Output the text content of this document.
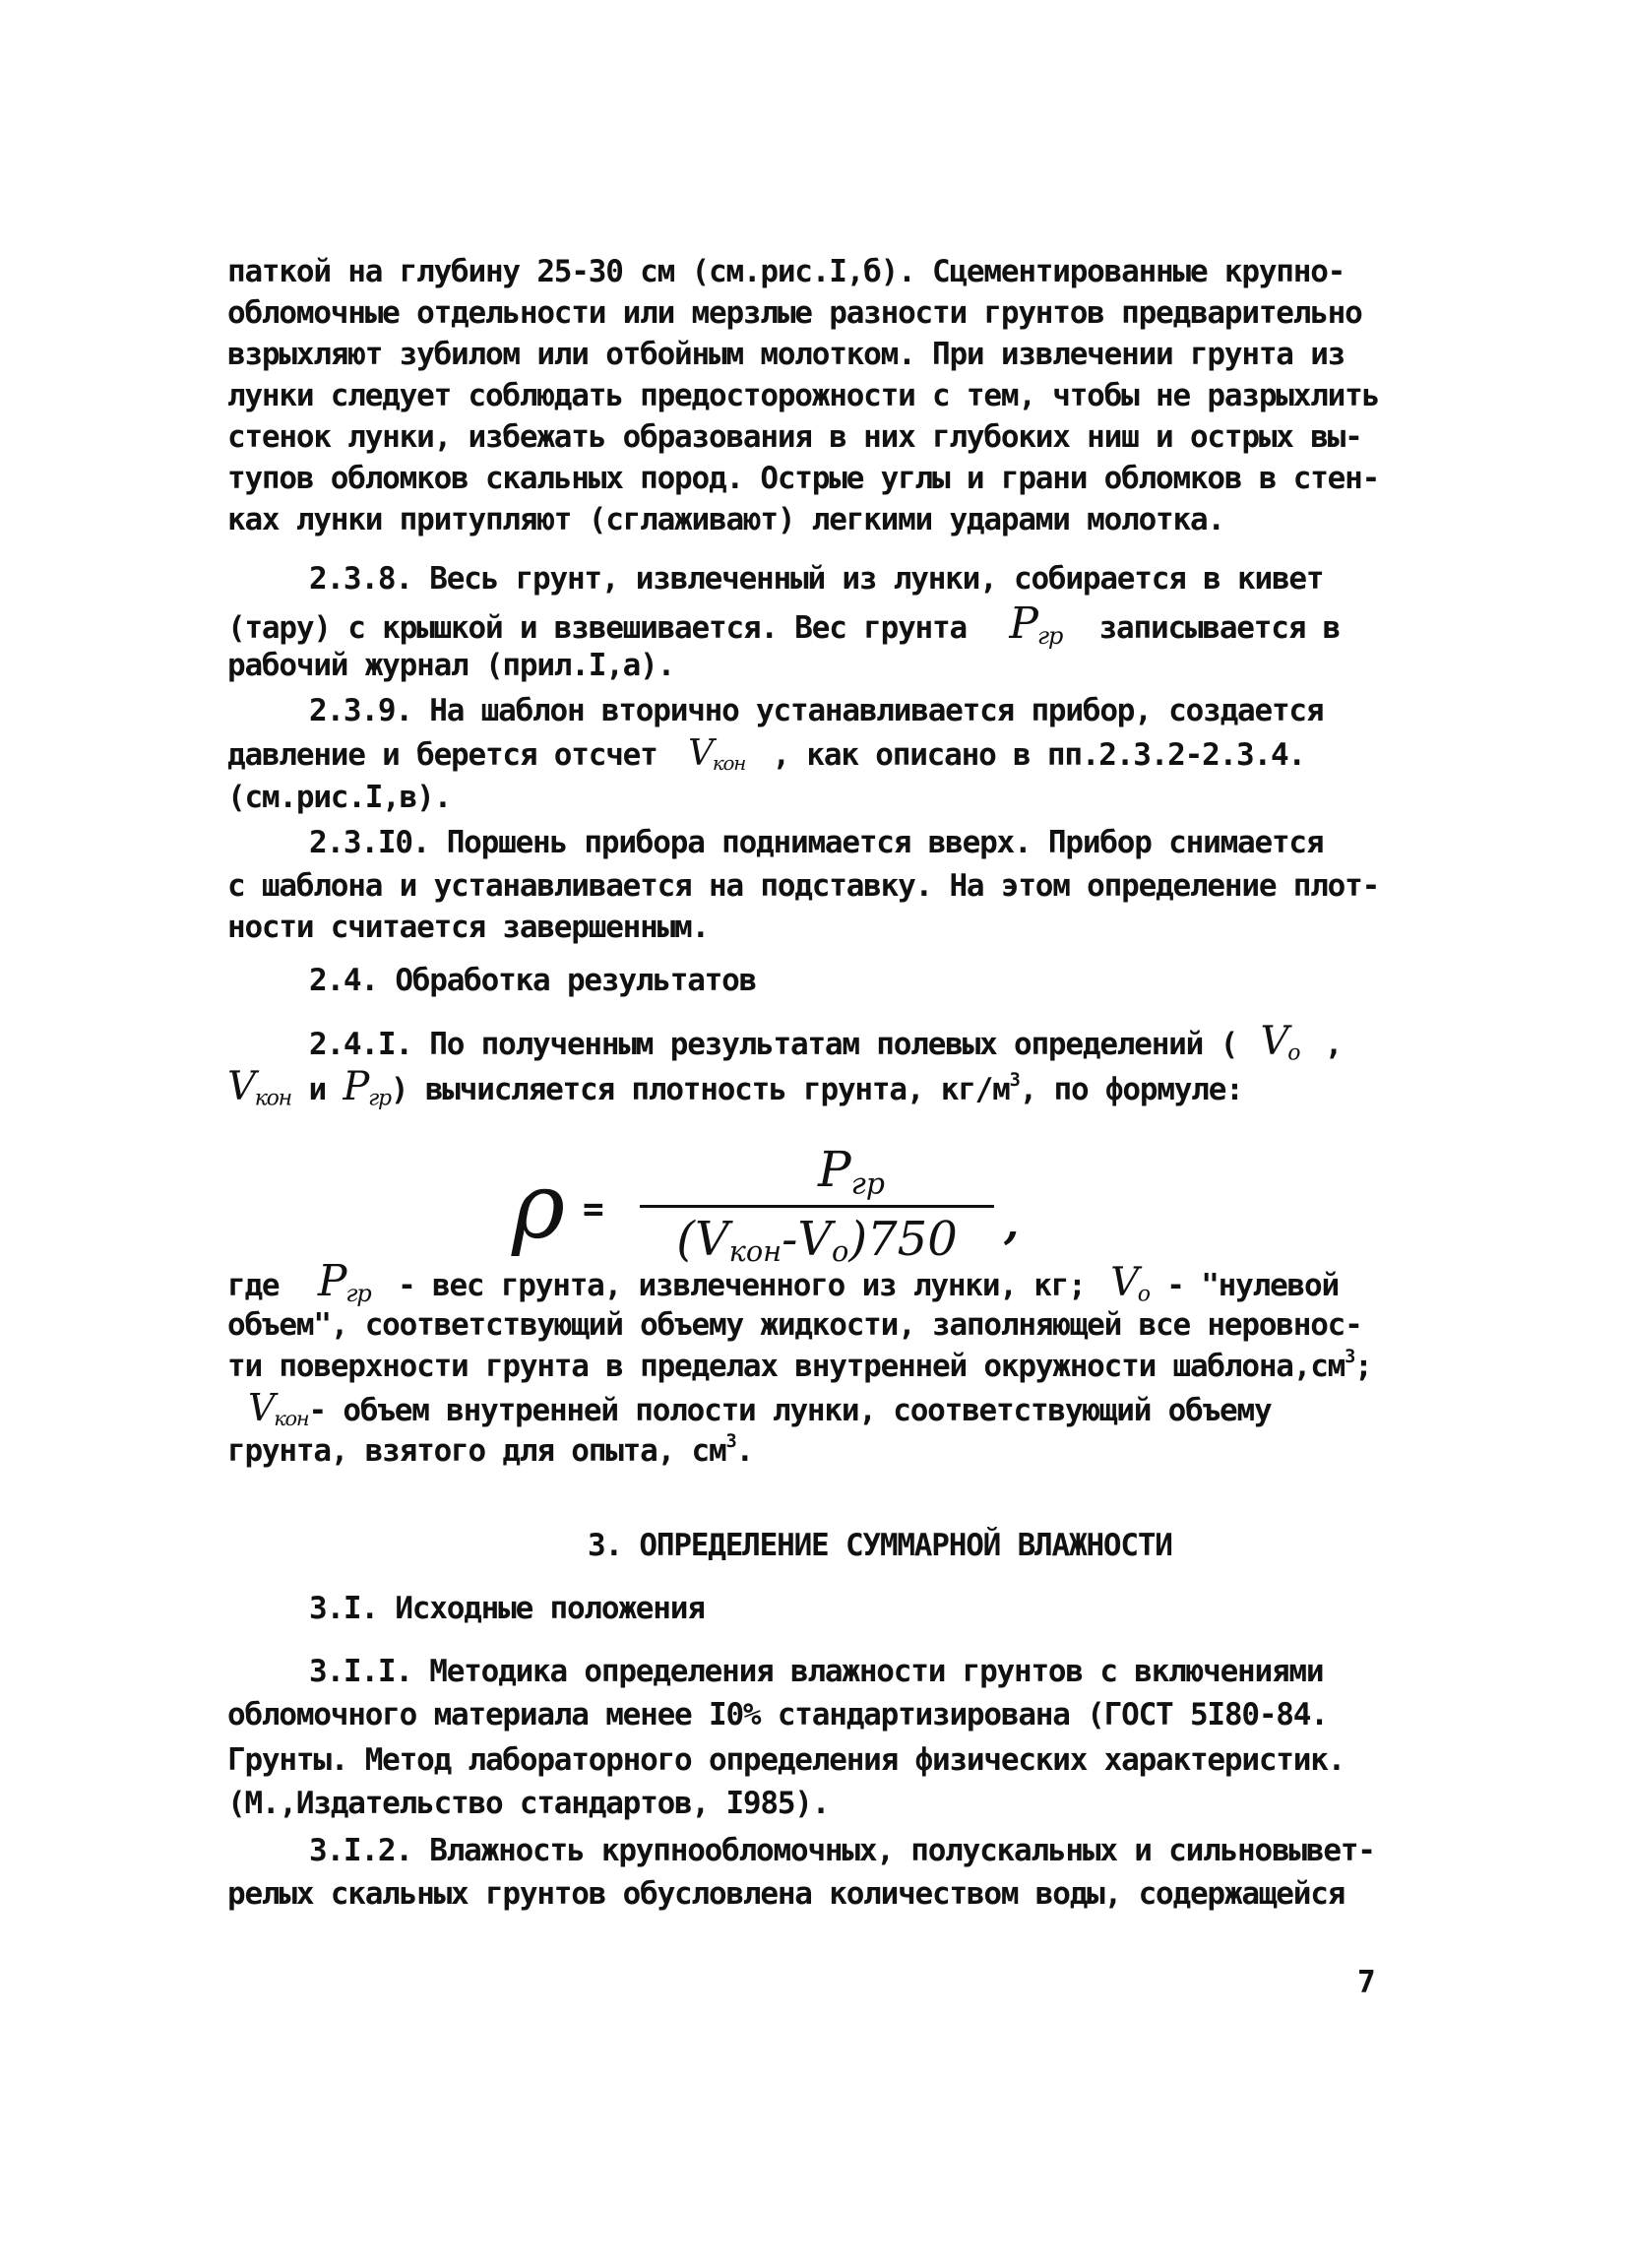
паткой на глубину 25-30 см (см.рис.I,б). Сцементированные крупно-
обломочные отдельности или мерзлые разности грунтов предварительно
взрыхляют зубилом или отбойным молотком. При извлечении грунта из
лунки следует соблюдать предосторожности с тем, чтобы не разрыхлить
стенок лунки, избежать образования в них глубоких ниш и острых вы-
тупов обломков скальных пород. Острые углы и грани обломков в стен-
ках лунки притупляют (сглаживают) легкими ударами молотка.
2.3.8. Весь грунт, извлеченный из лунки, собирается в кивет
(тару) с крышкой и взвешивается. Вес грунта $P_{гр}$ записывается в
рабочий журнал (прил.I,а).
2.3.9. На шаблон вторично устанавливается прибор, создается
давление и берется отсчет $V_{кон}$ , как описано в пп.2.3.2-2.3.4.
(см.рис.I,в).
2.3.I0. Поршень прибора поднимается вверх. Прибор снимается
с шаблона и устанавливается на подставку. На этом определение плот-
ности считается завершенным.
2.4. Обработка результатов
2.4.I. По полученным результатам полевых определений ( $V_o$ ,
$V_{кон}$ и $P_{гр}$) вычисляется плотность грунта, $кг/м^3$, по формуле:
ρ =
$P_{гр}$
(Vкон-Vo)750	,
где $P_{гр}$ - вес грунта, извлеченного из лунки, кг; $V_o$ - "нулевой
объем", соответствующий объему жидкости, заполняющей все неровнос-
ти поверхности грунта в пределах внутренней окружности $шаблона,см^3$;
$V_{кон}-$ объем внутренней полости лунки, соответствующий объему
грунта, взятого для опыта, $см^3$.
3. ОПРЕДЕЛЕНИЕ СУММАРНОЙ ВЛАЖНОСТИ
3.I. Исходные положения
3.I.I. Методика определения влажности грунтов с включениями
обломочного материала менее I0% стандартизирована (ГОСТ 5I80-84.
Грунты. Метод лабораторного определения физических характеристик.
(М.,Издательство стандартов, I985).
3.I.2. Влажность крупнообломочных, полускальных и сильновывет-
релых скальных грунтов обусловлена количеством воды, содержащейся
7
